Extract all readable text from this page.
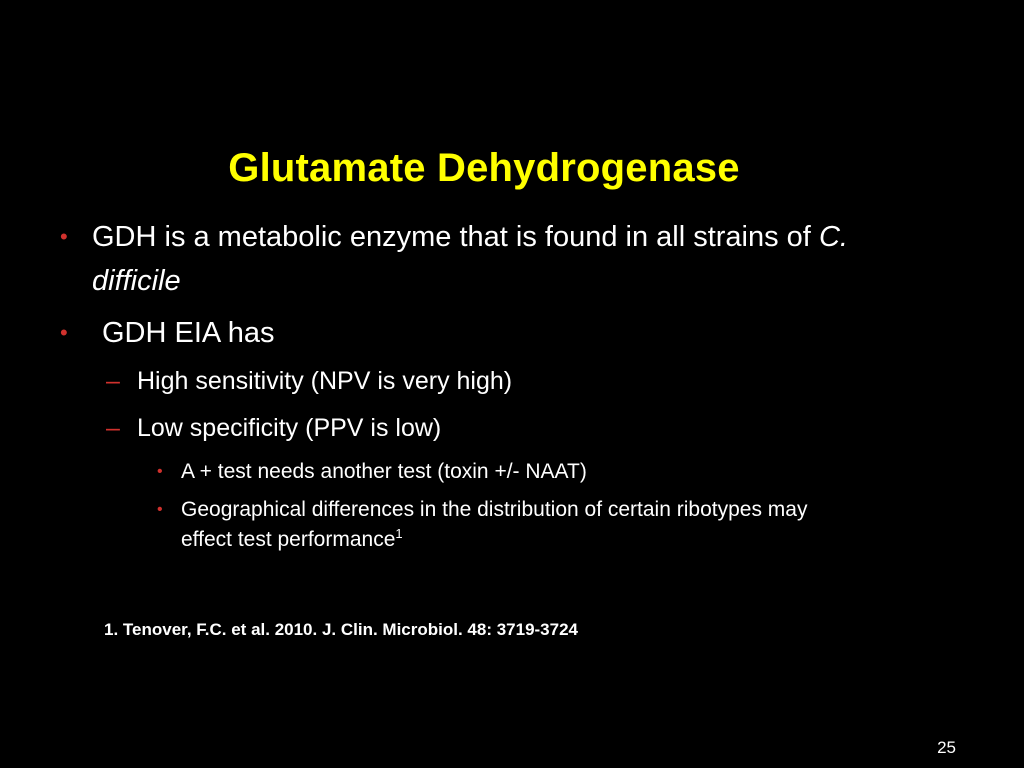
Glutamate Dehydrogenase
• GDH is a metabolic enzyme that is found in all strains of C. difficile
• GDH EIA has
– High sensitivity (NPV is very high)
– Low specificity (PPV is low)
• A + test needs another test (toxin +/- NAAT)
• Geographical differences in the distribution of certain ribotypes may effect test performance$^1$
1. Tenover, F.C. et al. 2010. J. Clin. Microbiol. 48: 3719-3724
25
